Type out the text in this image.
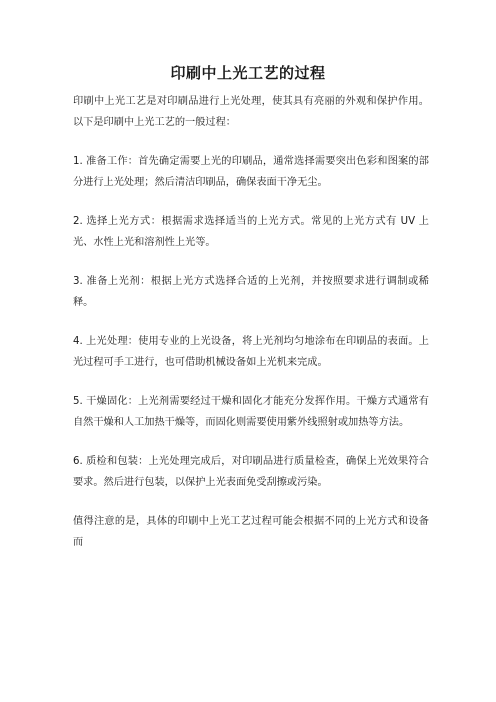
印刷中上光工艺的过程

印刷中上光工艺是对印刷品进行上光处理，使其具有亮丽的外观和保护作用。以下是印刷中上光工艺的一般过程：

1. 准备工作：首先确定需要上光的印刷品，通常选择需要突出色彩和图案的部分进行上光处理；然后清洁印刷品，确保表面干净无尘。

2. 选择上光方式：根据需求选择适当的上光方式。常见的上光方式有 UV 上光、水性上光和溶剂性上光等。

3. 准备上光剂：根据上光方式选择合适的上光剂，并按照要求进行调制或稀释。

4. 上光处理：使用专业的上光设备，将上光剂均匀地涂布在印刷品的表面。上光过程可手工进行，也可借助机械设备如上光机来完成。

5. 干燥固化：上光剂需要经过干燥和固化才能充分发挥作用。干燥方式通常有自然干燥和人工加热干燥等，而固化则需要使用紫外线照射或加热等方法。

6. 质检和包装：上光处理完成后，对印刷品进行质量检查，确保上光效果符合要求。然后进行包装，以保护上光表面免受刮擦或污染。

值得注意的是，具体的印刷中上光工艺过程可能会根据不同的上光方式和设备而
